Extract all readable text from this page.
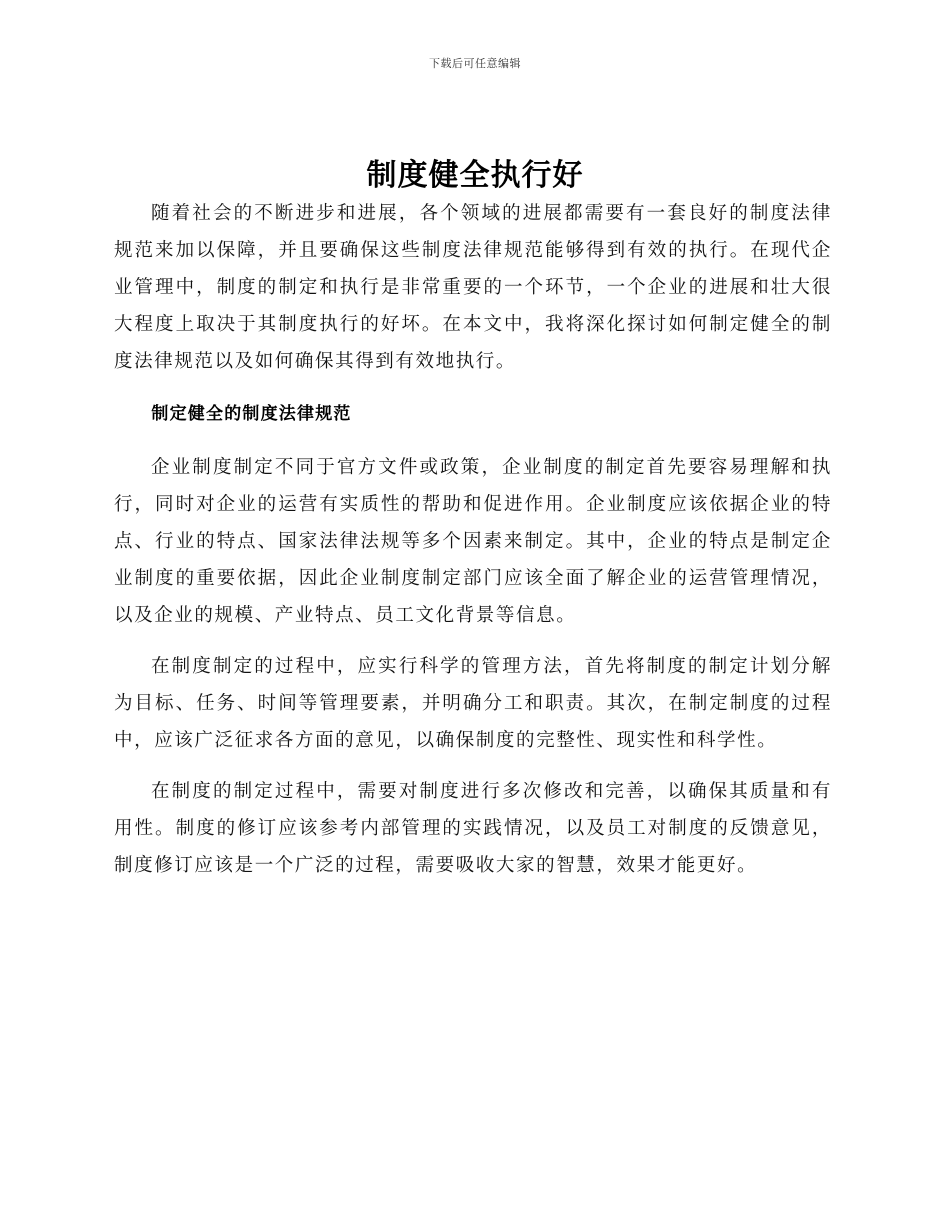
下载后可任意编辑
制度健全执行好

随着社会的不断进步和进展，各个领域的进展都需要有一套良好的制度法律规范来加以保障，并且要确保这些制度法律规范能够得到有效的执行。在现代企业管理中，制度的制定和执行是非常重要的一个环节，一个企业的进展和壮大很大程度上取决于其制度执行的好坏。在本文中，我将深化探讨如何制定健全的制度法律规范以及如何确保其得到有效地执行。

制定健全的制度法律规范

企业制度制定不同于官方文件或政策，企业制度的制定首先要容易理解和执行，同时对企业的运营有实质性的帮助和促进作用。企业制度应该依据企业的特点、行业的特点、国家法律法规等多个因素来制定。其中，企业的特点是制定企业制度的重要依据，因此企业制度制定部门应该全面了解企业的运营管理情况，以及企业的规模、产业特点、员工文化背景等信息。

在制度制定的过程中，应实行科学的管理方法，首先将制度的制定计划分解为目标、任务、时间等管理要素，并明确分工和职责。其次，在制定制度的过程中，应该广泛征求各方面的意见，以确保制度的完整性、现实性和科学性。

在制度的制定过程中，需要对制度进行多次修改和完善，以确保其质量和有用性。制度的修订应该参考内部管理的实践情况，以及员工对制度的反馈意见，制度修订应该是一个广泛的过程，需要吸收大家的智慧，效果才能更好。
